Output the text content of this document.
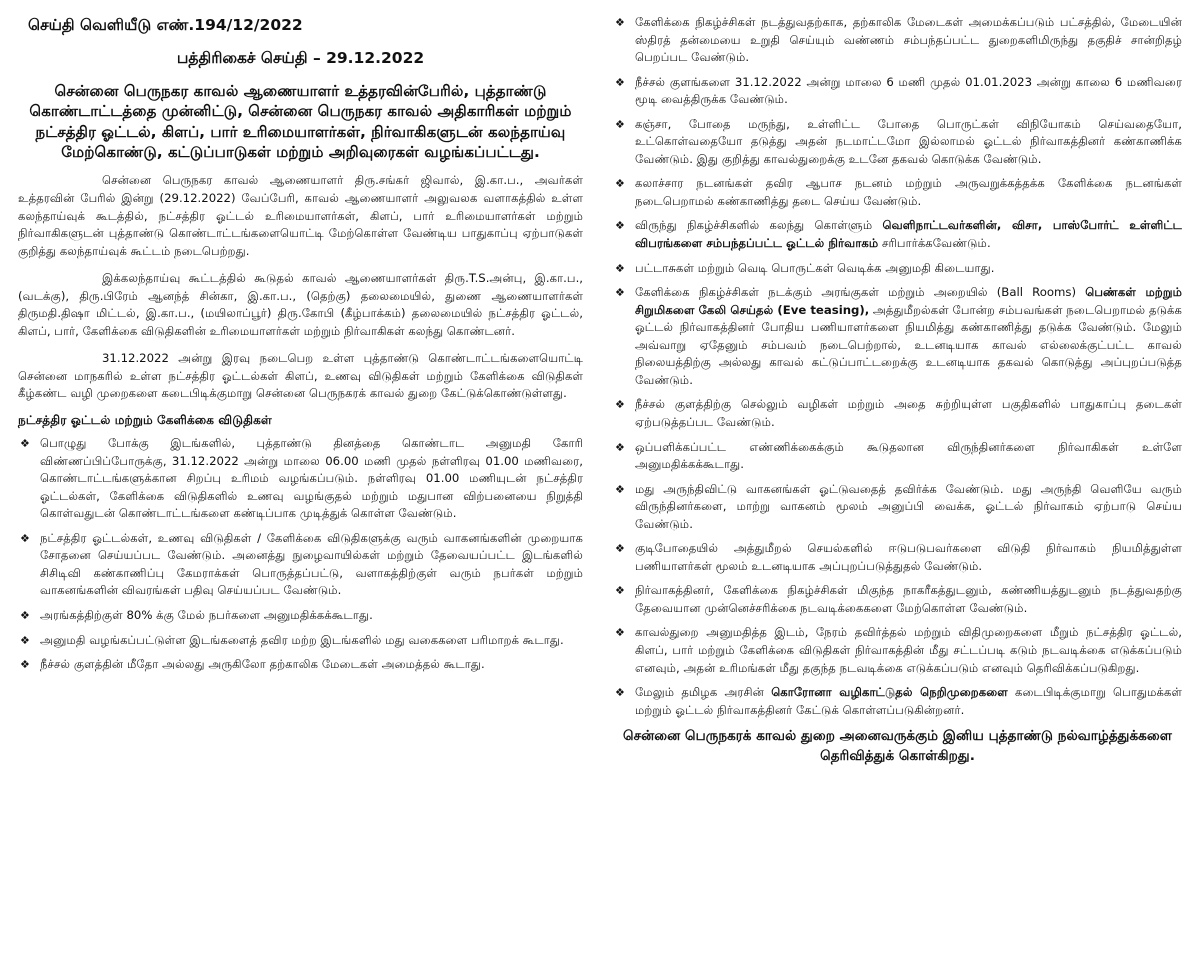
செய்தி வெளியீடு எண்.194/12/2022
பத்திரிகைச் செய்தி – 29.12.2022
சென்னை பெருநகர காவல் ஆணையாளர் உத்தரவின்பேரில், புத்தாண்டு கொண்டாட்டத்தை முன்னிட்டு, சென்னை பெருநகர காவல் அதிகாரிகள் மற்றும் நட்சத்திர ஓட்டல், கிளப், பார் உரிமையாளர்கள், நிர்வாகிகளுடன் கலந்தாய்வு மேற்கொண்டு, கட்டுப்பாடுகள் மற்றும் அறிவுரைகள் வழங்கப்பட்டது.

சென்னை பெருநகர காவல் ஆணையாளர் திரு.சங்கர் ஜிவால், இ.கா.ப., அவர்கள் உத்தரவின் பேரில் இன்று (29.12.2022) வேப்பேரி, காவல் ஆணையாளர் அலுவலக வளாகத்தில் உள்ள கலந்தாய்வுக் கூடத்தில், நட்சத்திர ஓட்டல் உரிமையாளர்கள், கிளப், பார் உரிமையாளர்கள் மற்றும் நிர்வாகிகளுடன் புத்தாண்டு கொண்டாட்டங்களையொட்டி மேற்கொள்ள வேண்டிய பாதுகாப்பு ஏற்பாடுகள் குறித்து கலந்தாய்வுக் கூட்டம் நடைபெற்றது.

இக்கலந்தாய்வு கூட்டத்தில் கூடுதல் காவல் ஆணையாளர்கள் திரு.T.S.அன்பு, இ.கா.ப., (வடக்கு), திரு.பிரேம் ஆனந்த் சின்கா, இ.கா.ப., (தெற்கு) தலைமையில், துணை ஆணையாளர்கள் திருமதி.திஷா மிட்டல், இ.கா.ப., (மயிலாப்பூர்) திரு.கோபி (கீழ்பாக்கம்) தலைமையில் நட்சத்திர ஓட்டல், கிளப், பார், கேளிக்கை விடுதிகளின் உரிமையாளர்கள் மற்றும் நிர்வாகிகள் கலந்து கொண்டனர்.

31.12.2022 அன்று இரவு நடைபெற உள்ள புத்தாண்டு கொண்டாட்டங்களையொட்டி சென்னை மாநகரில் உள்ள நட்சத்திர ஓட்டல்கள் கிளப், உணவு விடுதிகள் மற்றும் கேளிக்கை விடுதிகள் கீழ்கண்ட வழி முறைகளை கடைபிடிக்குமாறு சென்னை பெருநகரக் காவல் துறை கேட்டுக்கொண்டுள்ளது.

நட்சத்திர ஓட்டல் மற்றும் கேளிக்கை விடுதிகள்
❖ பொழுது போக்கு இடங்களில், புத்தாண்டு தினத்தை கொண்டாட அனுமதி கோரி விண்ணப்பிப்போருக்கு, 31.12.2022 அன்று மாலை 06.00 மணி முதல் நள்ளிரவு 01.00 மணிவரை, கொண்டாட்டங்களுக்கான சிறப்பு உரிமம் வழங்கப்படும். நள்ளிரவு 01.00 மணியுடன் நட்சத்திர ஓட்டல்கள், கேளிக்கை விடுதிகளில் உணவு வழங்குதல் மற்றும் மதுபான விற்பனையை நிறுத்தி கொள்வதுடன் கொண்டாட்டங்களை கண்டிப்பாக முடித்துக் கொள்ள வேண்டும்.
❖ நட்சத்திர ஓட்டல்கள், உணவு விடுதிகள் / கேளிக்கை விடுதிகளுக்கு வரும் வாகனங்களின் முறையாக சோதனை செய்யப்பட வேண்டும். அனைத்து நுழைவாயில்கள் மற்றும் தேவையப்பட்ட இடங்களில் சிசிடிவி கண்காணிப்பு கேமராக்கள் பொருத்தப்பட்டு, வளாகத்திற்குள் வரும் நபர்கள் மற்றும் வாகனங்களின் விவரங்கள் பதிவு செய்யப்பட வேண்டும்.
❖ அரங்கத்திற்குள் 80% க்கு மேல் நபர்களை அனுமதிக்கக்கூடாது.
❖ அனுமதி வழங்கப்பட்டுள்ள இடங்களைத் தவிர மற்ற இடங்களில் மது வகைகளை பரிமாறக் கூடாது.
❖ நீச்சல் குளத்தின் மீதோ அல்லது அருகிலோ தற்காலிக மேடைகள் அமைத்தல் கூடாது.
❖ கேளிக்கை நிகழ்ச்சிகள் நடத்துவதற்காக, தற்காலிக மேடைகள் அமைக்கப்படும் பட்சத்தில், மேடையின் ஸ்திரத் தன்மையை உறுதி செய்யும் வண்ணம் சம்பந்தப்பட்ட துறைகளிமிருந்து தகுதிச் சான்றிதழ் பெறப்பட வேண்டும்.
❖ நீச்சல் குளங்களை 31.12.2022 அன்று மாலை 6 மணி முதல் 01.01.2023 அன்று காலை 6 மணிவரை மூடி வைத்திருக்க வேண்டும்.
❖ கஞ்சா, போதை மருந்து, உள்ளிட்ட போதை பொருட்கள் விநியோகம் செய்வதையோ, உட்கொள்வதையோ தடுத்து அதன் நடமாட்டமோ இல்லாமல் ஓட்டல் நிர்வாகத்தினர் கண்காணிக்க வேண்டும். இது குறித்து காவல்துறைக்கு உடனே தகவல் கொடுக்க வேண்டும்.
❖ கலாச்சார நடனங்கள் தவிர ஆபாச நடனம் மற்றும் அருவறுக்கத்தக்க கேளிக்கை நடனங்கள் நடைபெறாமல் கண்காணித்து தடை செய்ய வேண்டும்.
❖ விருந்து நிகழ்ச்சிகளில் கலந்து கொள்ளும் வெளிநாட்டவர்களின், விசா, பாஸ்போர்ட் உள்ளிட்ட விபரங்களை சம்பந்தப்பட்ட ஓட்டல் நிர்வாகம் சரிபார்க்கவேண்டும்.
❖ பட்டாசுகள் மற்றும் வெடி பொருட்கள் வெடிக்க அனுமதி கிடையாது.
❖ கேளிக்கை நிகழ்ச்சிகள் நடக்கும் அரங்குகள் மற்றும் அறையில் (Ball Rooms) பெண்கள் மற்றும் சிறுமிகளை கேலி செய்தல் (Eve teasing), அத்துமீறல்கள் போன்ற சம்பவங்கள் நடைபெறாமல் தடுக்க ஓட்டல் நிர்வாகத்தினர் போதிய பணியாளர்களை நியமித்து கண்காணித்து தடுக்க வேண்டும். மேலும் அவ்வாறு ஏதேனும் சம்பவம் நடைபெற்றால், உடனடியாக காவல் எல்லைக்குட்பட்ட காவல் நிலையத்திற்கு அல்லது காவல் கட்டுப்பாட்டறைக்கு உடனடியாக தகவல் கொடுத்து அப்புறப்படுத்த வேண்டும்.
❖ நீச்சல் குளத்திற்கு செல்லும் வழிகள் மற்றும் அதை சுற்றியுள்ள பகுதிகளில் பாதுகாப்பு தடைகள் ஏற்படுத்தப்பட வேண்டும்.
❖ ஒப்பளிக்கப்பட்ட எண்ணிக்கைக்கும் கூடுதலான விருந்தினர்களை நிர்வாகிகள் உள்ளே அனுமதிக்கக்கூடாது.
❖ மது அருந்திவிட்டு வாகனங்கள் ஓட்டுவதைத் தவிர்க்க வேண்டும். மது அருந்தி வெளியே வரும் விருந்தினர்களை, மாற்று வாகனம் மூலம் அனுப்பி வைக்க, ஓட்டல் நிர்வாகம் ஏற்பாடு செய்ய வேண்டும்.
❖ குடிபோதையில் அத்துமீறல் செயல்களில் ஈடுபடுபவர்களை விடுதி நிர்வாகம் நியமித்துள்ள பணியாளர்கள் மூலம் உடனடியாக அப்புறப்படுத்துதல் வேண்டும்.
❖ நிர்வாகத்தினர், கேளிக்கை நிகழ்ச்சிகள் மிகுந்த நாகரீகத்துடனும், கண்ணியத்துடனும் நடத்துவதற்கு தேவையான முன்னெச்சரிக்கை நடவடிக்கைகளை மேற்கொள்ள வேண்டும்.
❖ காவல்துறை அனுமதித்த இடம், நேரம் தவிர்த்தல் மற்றும் விதிமுறைகளை மீறும் நட்சத்திர ஓட்டல், கிளப், பார் மற்றும் கேளிக்கை விடுதிகள் நிர்வாகத்தின் மீது சட்டப்படி கடும் நடவடிக்கை எடுக்கப்படும் எனவும், அதன் உரிமங்கள் மீது தகுந்த நடவடிக்கை எடுக்கப்படும் எனவும் தெரிவிக்கப்படுகிறது.
❖ மேலும் தமிழக அரசின் கொரோனா வழிகாட்டுதல் நெறிமுறைகளை கடைபிடிக்குமாறு பொதுமக்கள் மற்றும் ஓட்டல் நிர்வாகத்தினர் கேட்டுக் கொள்ளப்படுகின்றனர்.
சென்னை பெருநகரக் காவல் துறை அனைவருக்கும் இனிய புத்தாண்டு நல்வாழ்த்துக்களை தெரிவித்துக் கொள்கிறது.
